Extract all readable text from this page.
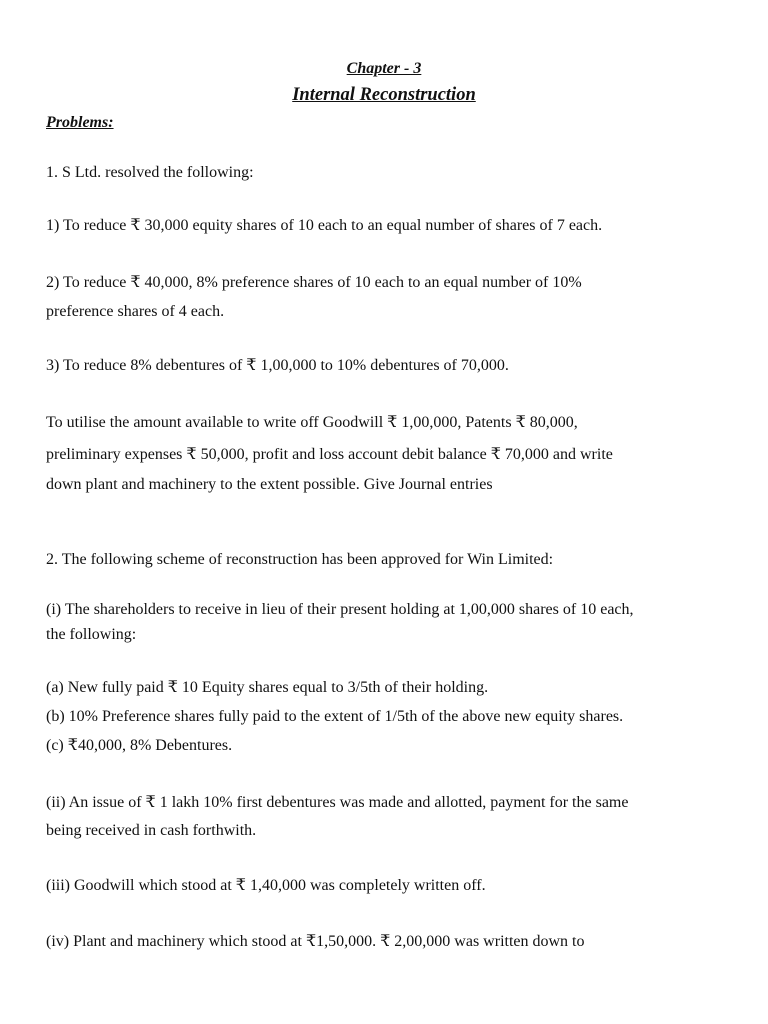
Chapter - 3
Internal Reconstruction
Problems:
1. S Ltd. resolved the following:
1) To reduce ₹ 30,000 equity shares of 10 each to an equal number of shares of 7 each.
2) To reduce ₹ 40,000, 8% preference shares of 10 each to an equal number of 10%
preference shares of 4 each.
3) To reduce 8% debentures of ₹ 1,00,000 to 10% debentures of 70,000.
To utilise the amount available to write off Goodwill ₹ 1,00,000, Patents ₹ 80,000,
preliminary expenses ₹ 50,000, profit and loss account debit balance ₹ 70,000 and write
down plant and machinery to the extent possible. Give Journal entries
2. The following scheme of reconstruction has been approved for Win Limited:
(i) The shareholders to receive in lieu of their present holding at 1,00,000 shares of 10 each,
the following:
(a) New fully paid ₹ 10 Equity shares equal to 3/5th of their holding.
(b) 10% Preference shares fully paid to the extent of 1/5th of the above new equity shares.
(c) ₹40,000, 8% Debentures.
(ii) An issue of ₹ 1 lakh 10% first debentures was made and allotted, payment for the same
being received in cash forthwith.
(iii) Goodwill which stood at ₹ 1,40,000 was completely written off.
(iv) Plant and machinery which stood at ₹1,50,000. ₹ 2,00,000 was written down to
